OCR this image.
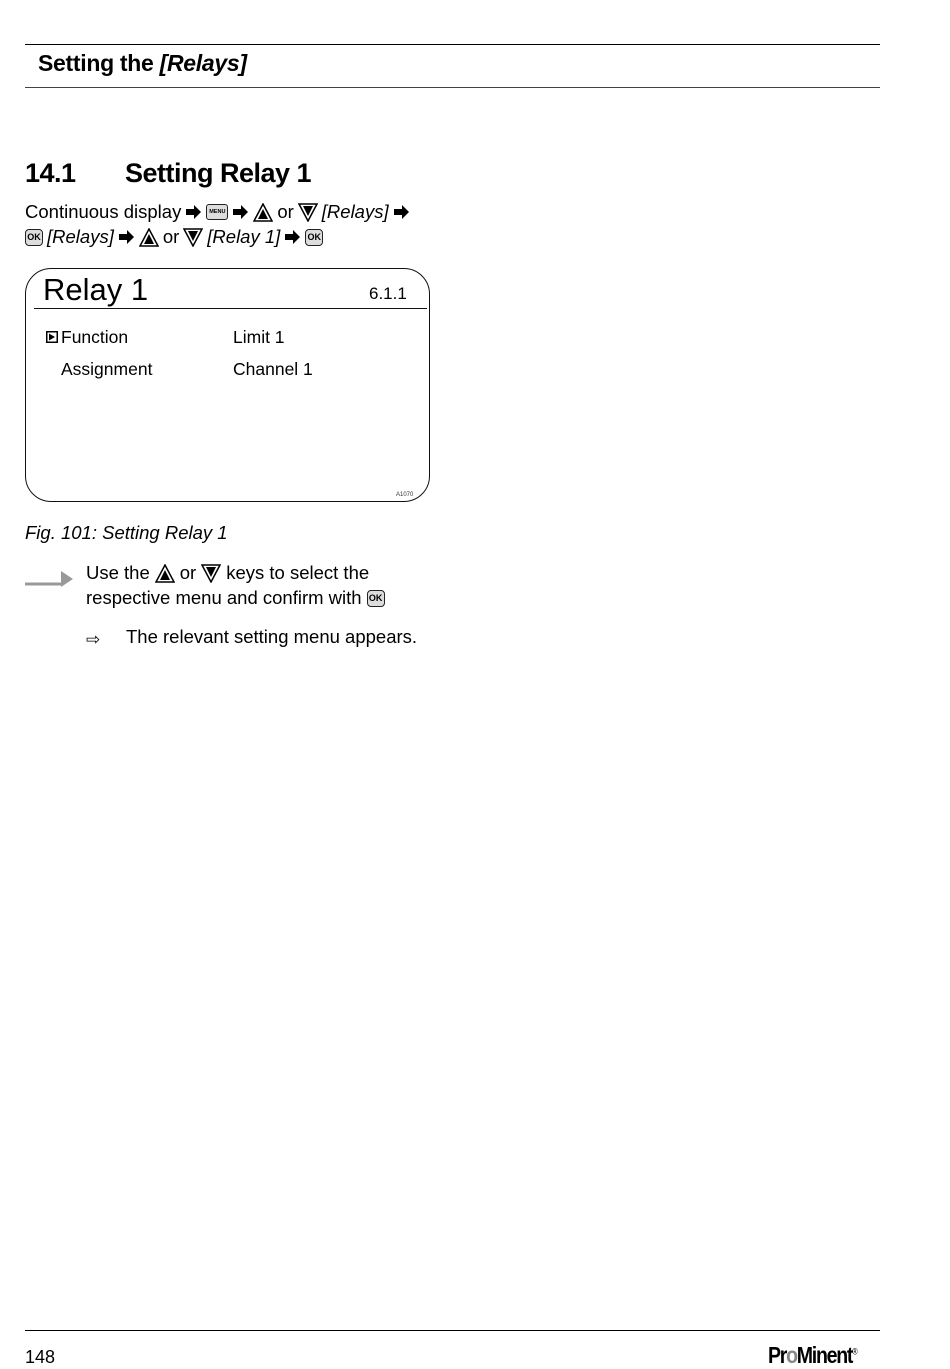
Setting the [Relays]
14.1 Setting Relay 1
Continuous display	MENU	or [Relays]
OK [Relays]	or [Relay 1]	OK
Relay 1	6.1.1
Function	Limit 1
Assignment	Channel 1
A1070
Fig. 101: Setting Relay 1
Use the or keys to select the
respective menu and confirm with OK
⇨ The relevant setting menu appears.
148	ProMinent®
